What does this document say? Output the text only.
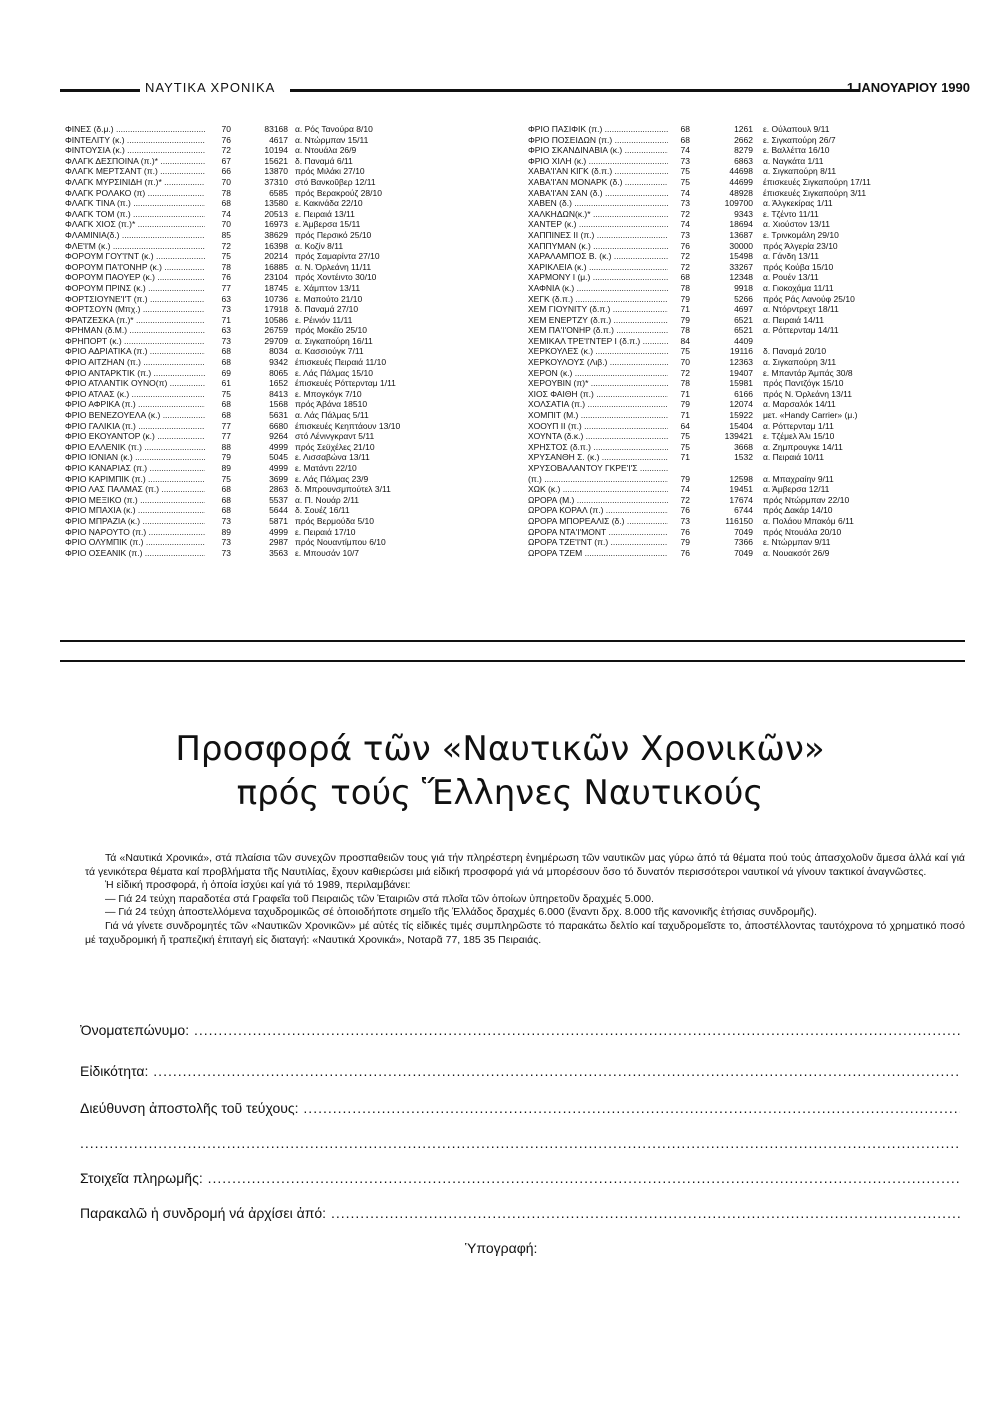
ΝΑΥΤΙΚΑ ΧΡΟΝΙΚΑ	1 ΙΑΝΟΥΑΡΙΟΥ 1990
ΦΙΝΕΣ (δ.μ.) .....	70	83168 α. Ρός Τανούρα 8/10
ΦΙΝΤΕΛΙΤΥ (κ.) .....	76	4617 α. Ντώρμπαν 15/11
ΦΙΝΤΟΥΣΙΑ (κ.) .....	72	10194 α. Ντουάλα 26/9
ΦΛΑΓΚ ΔΕΣΠΟΙΝΑ (π.)* .....	67	15621 δ. Παναμά 6/11
ΦΛΑΓΚ ΜΕΡΤΣΑΝΤ (π.) .....	66	13870 πρός Μιλάκι 27/10
ΦΛΑΓΚ ΜΥΡΣΙΝΙΔΗ (π.)* .....	70	37310 στό Βανκοῦβερ 12/11
ΦΛΑΓΚ ΡΟΛΑΚΟ (π) .....	78	6585 πρός Βερακρούζ 28/10
ΦΛΑΓΚ ΤΙΝΑ (π.) .....	68	13580 ε. Κακινάδα 22/10
ΦΛΑΓΚ ΤΟΜ (π.) .....	74	20513 ε. Πειραιά 13/11
ΦΛΑΓΚ ΧΙΟΣ (π.)* .....	70	16973 ε. Άμβερσα 15/11
ΦΛΑΜΙΝΙΑ(δ.) .....	85	38629 πρός Περσικό 25/10
ΦΛΕ'Ι'Μ (κ.) .....	72	16398 α. Κοζίν 8/11
ΦΟΡΟΥΜ ΓΟΥ'Ι'ΝΤ (κ.) .....	75	20214 πρός Σαμαρίντα 27/10
ΦΟΡΟΥΜ ΠΑ'Ι'ΟΝΗΡ (κ.) .....	78	16885 α. Ν. Όρλεάνη 11/11
ΦΟΡΟΥΜ ΠΑΟΥΕΡ (κ.) .....	76	23104 πρός Χοντέιντο 30/10
ΦΟΡΟΥΜ ΠΡΙΝΣ (κ.) .....	77	18745 ε. Χάμπτον 13/11
ΦΟΡΤΣΙΟΥΝΕ'Ι'Τ (π.) .....	63	10736 ε. Μαπούτο 21/10
ΦΟΡΤΣΟΥΝ (Μπχ.) .....	73	17918 δ. Παναμά 27/10
ΦΡΑΤΖΕΣΚΑ (π.)* .....	71	10586 ε. Ρέινιόν 11/11
ΦΡΗΜΑΝ (δ.Μ.) .....	63	26759 πρός Μοκέϊο 25/10
ΦΡΗΠΟΡΤ (κ.) .....	73	29709 α. Σιγκαπούρη 16/11
ΦΡΙΟ ΑΔΡΙΑΤΙΚΑ (π.) .....	68	8034 α. Κασσιούγκ 7/11
ΦΡΙΟ ΑΙΤΖΗΑΝ (π.) .....	68	9342 έπισκευές Πειραιά 11/10
ΦΡΙΟ ΑΝΤΑΡΚΤΙΚ (π.) .....	69	8065 ε. Λάς Πάλμας 15/10
ΦΡΙΟ ΑΤΛΑΝΤΙΚ ΟΥΝΟ(π) .....	61	1652 έπισκευές Ρόττερνταμ 1/11
ΦΡΙΟ ΑΤΛΑΣ (κ.) .....	75	8413 ε. Μπογκόγκ 7/10
ΦΡΙΟ ΑΦΡΙΚΑ (π.) .....	68	1568 πρός Άβάνα 18510
ΦΡΙΟ ΒΕΝΕΖΟΥΕΛΑ (κ.) .....	68	5631 α. Λάς Πάλμας 5/11
ΦΡΙΟ ΓΑΛΙΚΙΑ (π.) .....	77	6680 έπισκευές Κεηπτάουν 13/10
ΦΡΙΟ ΕΚΟΥΑΝΤΟΡ (κ.) .....	77	9264 στό Λένινγκραντ 5/11
ΦΡΙΟ ΕΛΛΕΝΙΚ (π.) .....	88	4999 πρός Σεϋχέλες 21/10
ΦΡΙΟ ΙΟΝΙΑΝ (κ.) .....	79	5045 ε. Λισσαβώνα 13/11
ΦΡΙΟ ΚΑΝΑΡΙΑΣ (π.) .....	89	4999 ε. Ματάντι 22/10
ΦΡΙΟ ΚΑΡΙΜΠΙΚ (π.) .....	75	3699 ε. Λάς Πάλμας 23/9
ΦΡΙΟ ΛΑΣ ΠΑΛΜΑΣ (π.) .....	68	2863 δ. Μπρουνσμπούτελ 3/11
ΦΡΙΟ ΜΕΞΙΚΟ (π.) .....	68	5537 α. Π. Νουάρ 2/11
ΦΡΙΟ ΜΠΑΧΙΑ (κ.) .....	68	5644 δ. Σουέζ 16/11
ΦΡΙΟ ΜΠΡΑΖΙΑ (κ.) .....	73	5871 πρός Βερμούδα 5/10
ΦΡΙΟ ΝΑΡΟΥΤΟ (π.) .....	89	4999 ε. Πειραιά 17/10
ΦΡΙΟ ΟΛΥΜΠΙΚ (π.) .....	73	2987 πρός Νουαντίμπου 6/10
ΦΡΙΟ ΟΣΕΑΝΙΚ (π.) .....	73	3563 ε. Μπουσάν 10/7
ΦΡΙΟ ΠΑΣΙΦΙΚ (π.) .....	68	1261 ε. Ούλαπουλ 9/11
ΦΡΙΟ ΠΟΣΕΙΔΩΝ (π.) .....	68	2662 ε. Σιγκαπούρη 26/7
ΦΡΙΟ ΣΚΑΝΔΙΝΑΒΙΑ (κ.) .....	74	8279 ε. Βαλλέττα 16/10
ΦΡΙΟ ΧΙΛΗ (κ.) .....	73	6863 α. Ναγκάτα 1/11
ΧΑΒΑ'Ι'ΑΝ ΚΙΓΚ (δ.π.) .....	75	44698 α. Σιγκαπούρη 8/11
ΧΑΒΑ'Ι'ΑΝ ΜΟΝΑΡΚ (δ.) .....	75	44699 έπισκευές Σιγκαπούρη 17/11
ΧΑΒΑ'Ι'ΑΝ ΣΑΝ (δ.) .....	74	48928 έπισκευές Σιγκαπούρη 3/11
ΧΑΒΕΝ (δ.) .....	73	109700 α. Άλγκεκίρας 1/11
ΧΑΛΚΗΔΩΝ(κ.)* .....	72	9343 ε. Τζέντο 11/11
ΧΑΝΤΕΡ (κ.) .....	74	18694 α. Χιούστον 13/11
ΧΑΠΠΙΝΕΣ II (π.) .....	73	13687 ε. Τρινκομάλη 29/10
ΧΑΠΠΥΜΑΝ (κ.) .....	76	30000 πρός Άλγερία 23/10
ΧΑΡΑΛΑΜΠΟΣ Β. (κ.) .....	72	15498 α. Γάνδη 13/11
ΧΑΡΙΚΛΕΙΑ (κ.) .....	72	33267 πρός Κούβα 15/10
ΧΑΡΜΟΝΥ I (μ.) .....	68	12348 α. Ρουέν 13/11
ΧΑΦΝΙΑ (κ.) .....	78	9918 α. Γιοκοχάμα 11/11
ΧΕΓΚ (δ.π.) .....	79	5266 πρός Ράς Λανούφ 25/10
ΧΕΜ ΓΙΟΥΝΙΤΥ (δ.π.) .....	71	4697 α. Ντόρντρεχτ 18/11
ΧΕΜ ΕΝΕΡΤΖΥ (δ.π.) .....	79	6521 α. Πειραιά 14/11
ΧΕΜ ΠΑ'Ι'ΟΝΗΡ (δ.π.) .....	78	6521 α. Ρόττερνταμ 14/11
ΧΕΜΙΚΑΛ ΤΡΕ'Ι'ΝΤΕΡ I (δ.π.) .....	84	4409
ΧΕΡΚΟΥΛΕΣ (κ.) .....	75	19116 δ. Παναμά 20/10
ΧΕΡΚΟΥΛΟΥΣ (Λιβ.) .....	70	12363 α. Σιγκαπούρη 3/11
ΧΕΡΟΝ (κ.) .....	72	19407 ε. Μπαντάρ Άμπάς 30/8
ΧΕΡΟΥΒΙΝ (π)* .....	78	15981 πρός Παντζόγκ 15/10
ΧΙΟΣ ΦΑΙΘΗ (π.) .....	71	6166 πρός Ν. Όρλεάνη 13/11
ΧΟΛΣΑΤΙΑ (π.) .....	79	12074 α. Μαρσαλόκ 14/11
ΧΟΜΠΙΤ (Μ.) .....	71	15922 μετ. «Handy Carrier» (μ.)
ΧΟΟΥΠ II (π.) .....	64	15404 α. Ρόττερνταμ 1/11
ΧΟΥΝΤΑ (δ.κ.) .....	75	139421 ε. Τζέμελ Άλι 15/10
ΧΡΗΣΤΟΣ (δ.π.) .....	75	3668 α. Ζημπρουγκε 14/11
ΧΡΥΣΑΝΘΗ Σ. (κ.) .....	71	1532 α. Πειραιά 10/11
ΧΡΥΣΟΒΑΛΑΝΤΟΥ ΓΚΡΕ'Ι'Σ .....
(π.) .....	79	12598 α. Μπαχραίην 9/11
ΧΩΚ (κ.) .....	74	19451 α. Άμβερσα 12/11
ΩΡΟΡΑ (Μ.) .....	72	17674 πρός Ντώρμπαν 22/10
ΩΡΟΡΑ ΚΟΡΑΛ (π.) .....	76	6744 πρός Δακάρ 14/10
ΩΡΟΡΑ ΜΠΟΡΕΑΛΙΣ (δ.) .....	73	116150 α. Πολάου Μπακόμ 6/11
ΩΡΟΡΑ ΝΤΑ'Ι'ΜΟΝΤ .....	76	7049 πρός Ντουάλα 20/10
ΩΡΟΡΑ ΤΖΕ'Ι'ΝΤ (π.) .....	79	7366 ε. Ντώρμπαν 9/11
ΩΡΟΡΑ ΤΖΕΜ .....	76	7049 α. Νουακσότ 26/9
Προσφορά τῶν «Ναυτικῶν Χρονικῶν»
πρός τούς Ἕλληνες Ναυτικούς

Τά «Ναυτικά Χρονικά», στά πλαίσια τῶν συνεχῶν προσπαθειῶν τους γιά τήν πληρέστερη ἐνημέρωση τῶν ναυτικῶν μας γύρω ἀπό τά θέματα πού τούς ἀπασχολοῦν ἄμεσα ἀλλά καί γιά τά γενικότερα θέματα καί προβλήματα τῆς Ναυτιλίας, ἔχουν καθιερώσει μιά εἰδική προσφορά γιά νά μπορέσουν ὅσο τό δυνατόν περισσότεροι ναυτικοί νά γίνουν τακτικοί ἀναγνῶστες.

Ἡ εἰδική προσφορά, ἡ ὁποία ἰσχύει καί γιά τό 1989, περιλαμβάνει:

— Γιά 24 τεύχη παραδοτέα στά Γραφεῖα τοῦ Πειραιῶς τῶν Ἑταιριῶν στά πλοῖα τῶν ὁποίων ὑπηρετοῦν δραχμές 5.000.

— Γιά 24 τεύχη ἀποστελλόμενα ταχυδρομικῶς σέ ὁποιοδήποτε σημεῖο τῆς Ἑλλάδος δραχμές 6.000 (ἔναντι δρχ. 8.000 τῆς κανονικῆς ἐτήσιας συνδρομῆς).

Γιά νά γίνετε συνδρομητές τῶν «Ναυτικῶν Χρονικῶν» μέ αὐτές τίς εἰδικές τιμές συμπληρῶστε τό παρακάτω δελτίο καί ταχυδρομεῖστε το, ἀποστέλλοντας ταυτόχρονα τό χρηματικό ποσό μέ ταχυδρομική ἤ τραπεζική ἐπιταγή εἰς διαταγή: «Ναυτικά Χρονικά», Νοταρᾶ 77, 185 35 Πειραιάς.

Ὀνοματεπώνυμο: .....
Εἰδικότητα: .....
Διεύθυνση ἀποστολῆς τοῦ τεύχους: .....
.....
Στοιχεῖα πληρωμῆς: .....
Παρακαλῶ ἡ συνδρομή νά ἀρχίσει ἀπό: .....
Ὑπογραφή:
